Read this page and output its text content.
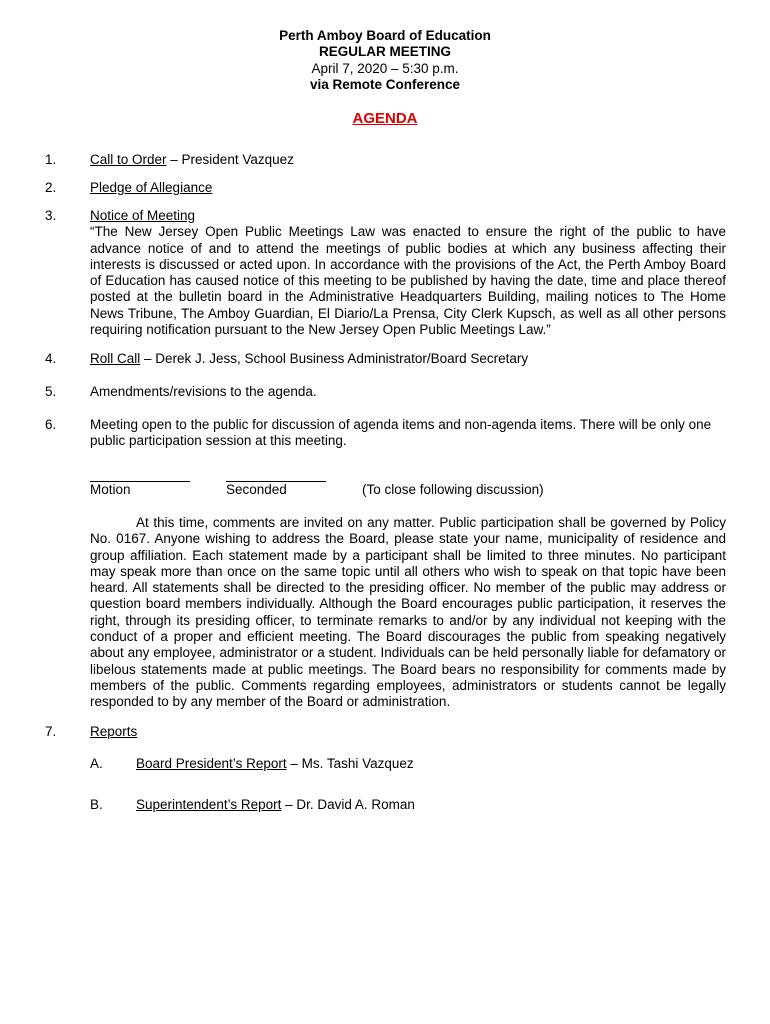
Perth Amboy Board of Education
REGULAR MEETING
April 7, 2020 – 5:30 p.m.
via Remote Conference
AGENDA
1. Call to Order – President Vazquez
2. Pledge of Allegiance
3. Notice of Meeting
“The New Jersey Open Public Meetings Law was enacted to ensure the right of the public to have advance notice of and to attend the meetings of public bodies at which any business affecting their interests is discussed or acted upon. In accordance with the provisions of the Act, the Perth Amboy Board of Education has caused notice of this meeting to be published by having the date, time and place thereof posted at the bulletin board in the Administrative Headquarters Building, mailing notices to The Home News Tribune, The Amboy Guardian, El Diario/La Prensa, City Clerk Kupsch, as well as all other persons requiring notification pursuant to the New Jersey Open Public Meetings Law.”
4. Roll Call – Derek J. Jess, School Business Administrator/Board Secretary
5. Amendments/revisions to the agenda.
6. Meeting open to the public for discussion of agenda items and non-agenda items. There will be only one public participation session at this meeting.
Motion	Seconded	(To close following discussion)
At this time, comments are invited on any matter. Public participation shall be governed by Policy No. 0167. Anyone wishing to address the Board, please state your name, municipality of residence and group affiliation. Each statement made by a participant shall be limited to three minutes. No participant may speak more than once on the same topic until all others who wish to speak on that topic have been heard. All statements shall be directed to the presiding officer. No member of the public may address or question board members individually. Although the Board encourages public participation, it reserves the right, through its presiding officer, to terminate remarks to and/or by any individual not keeping with the conduct of a proper and efficient meeting. The Board discourages the public from speaking negatively about any employee, administrator or a student. Individuals can be held personally liable for defamatory or libelous statements made at public meetings. The Board bears no responsibility for comments made by members of the public. Comments regarding employees, administrators or students cannot be legally responded to by any member of the Board or administration.
7. Reports
A. Board President’s Report – Ms. Tashi Vazquez
B. Superintendent’s Report – Dr. David A. Roman
